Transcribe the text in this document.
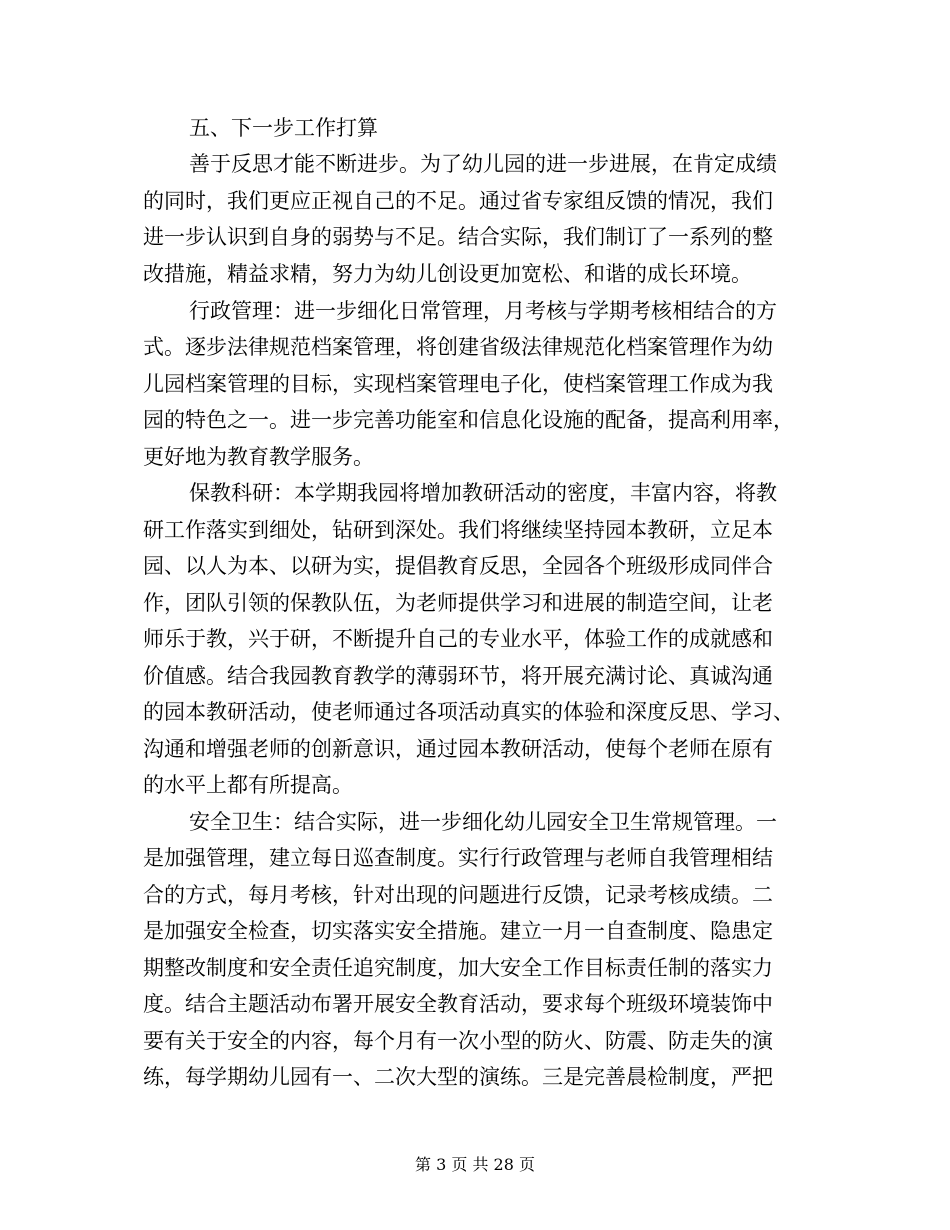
五、下一步工作打算
善于反思才能不断进步。为了幼儿园的进一步进展，在肯定成绩
的同时，我们更应正视自己的不足。通过省专家组反馈的情况，我们
进一步认识到自身的弱势与不足。结合实际，我们制订了一系列的整
改措施，精益求精，努力为幼儿创设更加宽松、和谐的成长环境。
行政管理：进一步细化日常管理，月考核与学期考核相结合的方
式。逐步法律规范档案管理，将创建省级法律规范化档案管理作为幼
儿园档案管理的目标，实现档案管理电子化，使档案管理工作成为我
园的特色之一。进一步完善功能室和信息化设施的配备，提高利用率，
更好地为教育教学服务。
保教科研：本学期我园将增加教研活动的密度，丰富内容，将教
研工作落实到细处，钻研到深处。我们将继续坚持园本教研，立足本
园、以人为本、以研为实，提倡教育反思，全园各个班级形成同伴合
作，团队引领的保教队伍，为老师提供学习和进展的制造空间，让老
师乐于教，兴于研，不断提升自己的专业水平，体验工作的成就感和
价值感。结合我园教育教学的薄弱环节，将开展充满讨论、真诚沟通
的园本教研活动，使老师通过各项活动真实的体验和深度反思、学习、
沟通和增强老师的创新意识，通过园本教研活动，使每个老师在原有
的水平上都有所提高。
安全卫生：结合实际，进一步细化幼儿园安全卫生常规管理。一
是加强管理，建立每日巡查制度。实行行政管理与老师自我管理相结
合的方式，每月考核，针对出现的问题进行反馈，记录考核成绩。二
是加强安全检查，切实落实安全措施。建立一月一自查制度、隐患定
期整改制度和安全责任追究制度，加大安全工作目标责任制的落实力
度。结合主题活动布署开展安全教育活动，要求每个班级环境装饰中
要有关于安全的内容，每个月有一次小型的防火、防震、防走失的演
练，每学期幼儿园有一、二次大型的演练。三是完善晨检制度，严把
第 3 页 共 28 页
